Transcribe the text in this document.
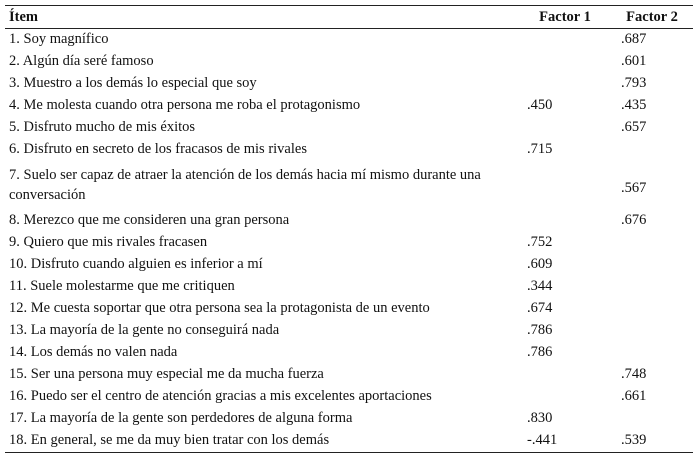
Ítem	Factor 1	Factor 2
1. Soy magnífico		.687
2. Algún día seré famoso		.601
3. Muestro a los demás lo especial que soy		.793
4. Me molesta cuando otra persona me roba el protagonismo	.450	.435
5. Disfruto mucho de mis éxitos		.657
6. Disfruto en secreto de los fracasos de mis rivales	.715	
7. Suelo ser capaz de atraer la atención de los demás hacia mí mismo durante una conversación		.567
8. Merezco que me consideren una gran persona		.676
9. Quiero que mis rivales fracasen	.752	
10. Disfruto cuando alguien es inferior a mí	.609	
11. Suele molestarme que me critiquen	.344	
12. Me cuesta soportar que otra persona sea la protagonista de un evento	.674	
13. La mayoría de la gente no conseguirá nada	.786	
14. Los demás no valen nada	.786	
15. Ser una persona muy especial me da mucha fuerza		.748
16. Puedo ser el centro de atención gracias a mis excelentes aportaciones		.661
17. La mayoría de la gente son perdedores de alguna forma	.830	
18. En general, se me da muy bien tratar con los demás	-.441	.539
